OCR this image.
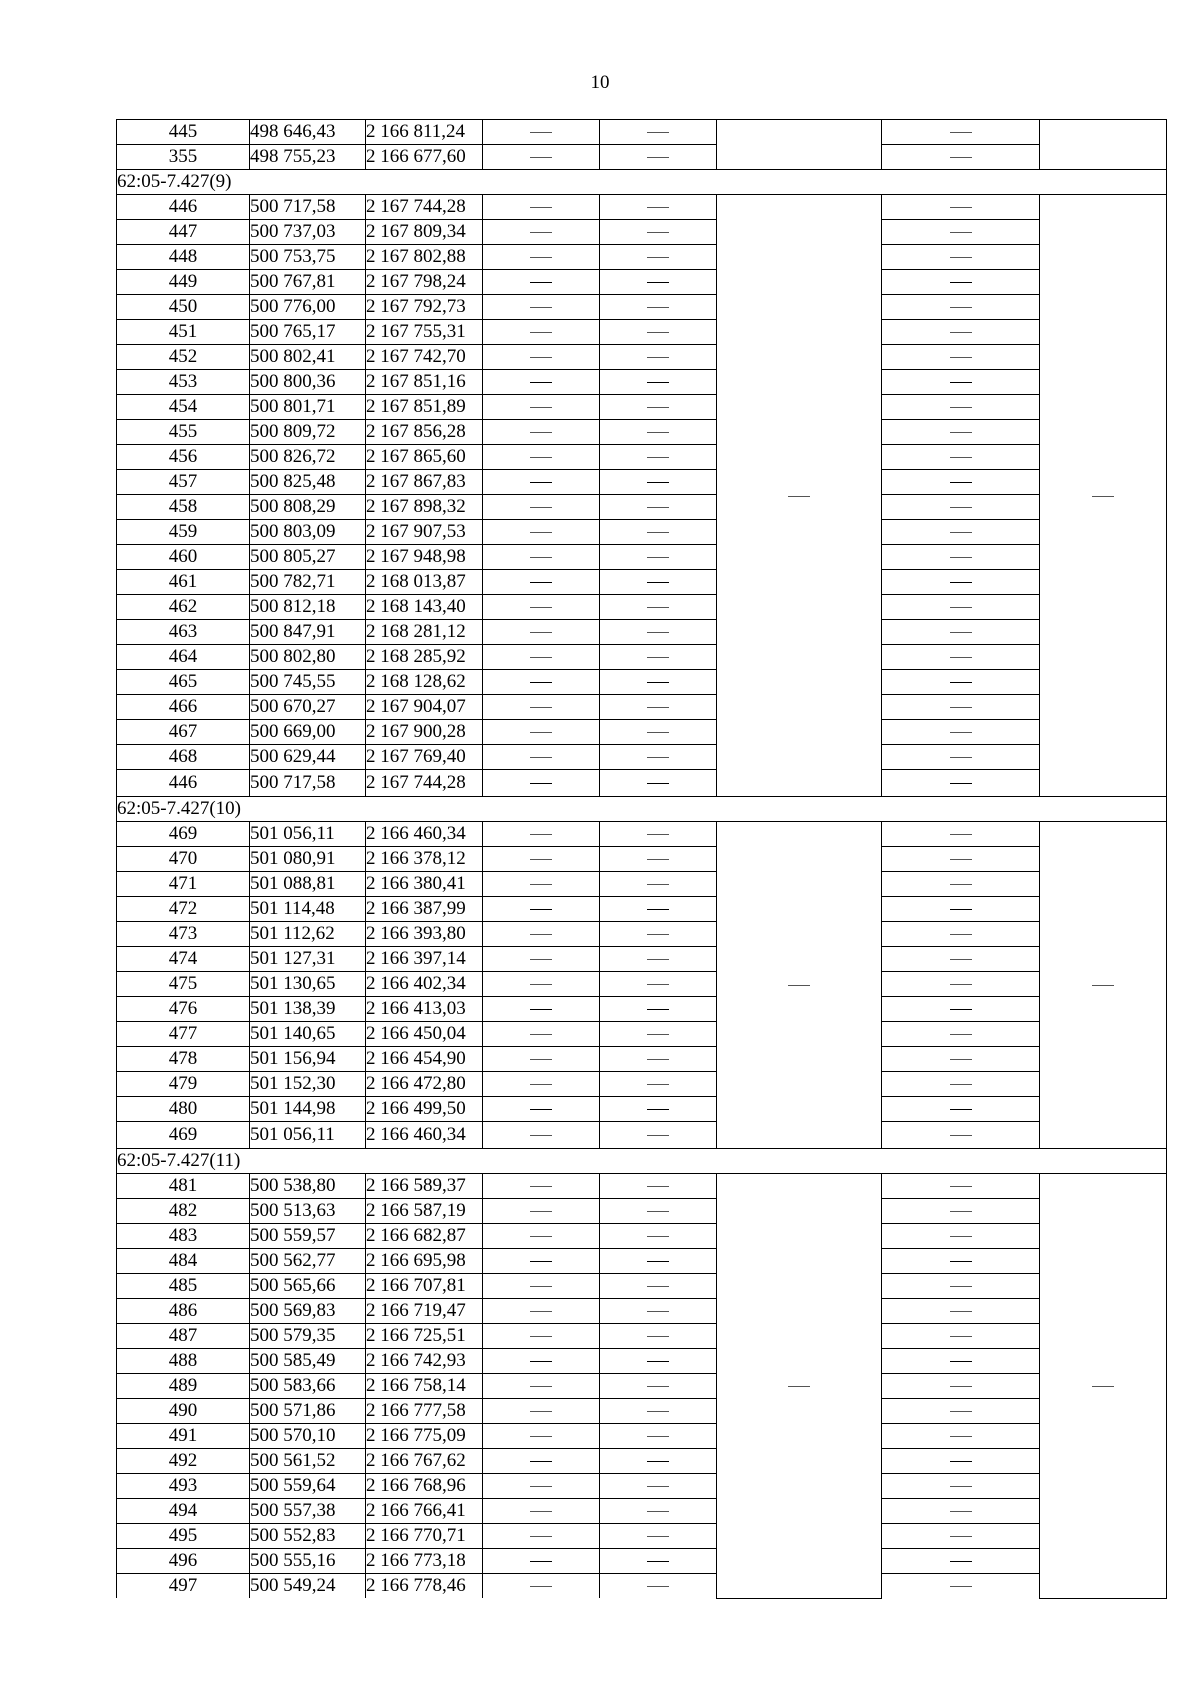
10
445	498 646,43	2 166 811,24					
355	498 755,23	2 166 677,60					
62:05-7.427(9)							
446	500 717,58	2 167 744,28					
447	500 737,03	2 167 809,34					
448	500 753,75	2 167 802,88					
449	500 767,81	2 167 798,24					
450	500 776,00	2 167 792,73					
451	500 765,17	2 167 755,31					
452	500 802,41	2 167 742,70					
453	500 800,36	2 167 851,16					
454	500 801,71	2 167 851,89					
455	500 809,72	2 167 856,28					
456	500 826,72	2 167 865,60					
457	500 825,48	2 167 867,83					
458	500 808,29	2 167 898,32					
459	500 803,09	2 167 907,53					
460	500 805,27	2 167 948,98					
461	500 782,71	2 168 013,87					
462	500 812,18	2 168 143,40					
463	500 847,91	2 168 281,12					
464	500 802,80	2 168 285,92					
465	500 745,55	2 168 128,62					
466	500 670,27	2 167 904,07					
467	500 669,00	2 167 900,28					
468	500 629,44	2 167 769,40					
446	500 717,58	2 167 744,28					
62:05-7.427(10)							
469	501 056,11	2 166 460,34					
470	501 080,91	2 166 378,12					
471	501 088,81	2 166 380,41					
472	501 114,48	2 166 387,99					
473	501 112,62	2 166 393,80					
474	501 127,31	2 166 397,14					
475	501 130,65	2 166 402,34					
476	501 138,39	2 166 413,03					
477	501 140,65	2 166 450,04					
478	501 156,94	2 166 454,90					
479	501 152,30	2 166 472,80					
480	501 144,98	2 166 499,50					
469	501 056,11	2 166 460,34					
62:05-7.427(11)							
481	500 538,80	2 166 589,37					
482	500 513,63	2 166 587,19					
483	500 559,57	2 166 682,87					
484	500 562,77	2 166 695,98					
485	500 565,66	2 166 707,81					
486	500 569,83	2 166 719,47					
487	500 579,35	2 166 725,51					
488	500 585,49	2 166 742,93					
489	500 583,66	2 166 758,14					
490	500 571,86	2 166 777,58					
491	500 570,10	2 166 775,09					
492	500 561,52	2 166 767,62					
493	500 559,64	2 166 768,96					
494	500 557,38	2 166 766,41					
495	500 552,83	2 166 770,71					
496	500 555,16	2 166 773,18					
497	500 549,24	2 166 778,46					
